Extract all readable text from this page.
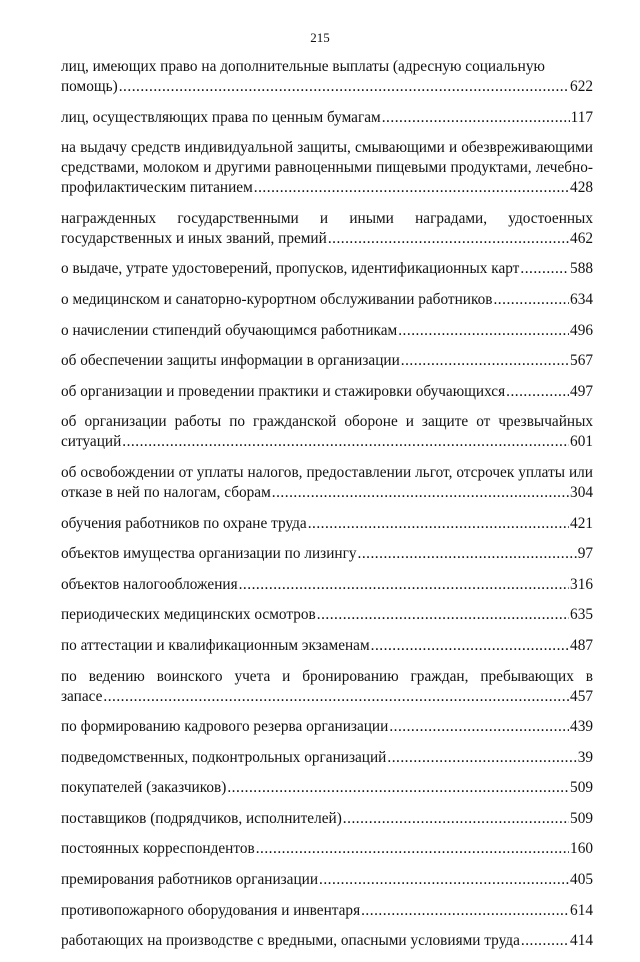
215
лиц, имеющих право на дополнительные выплаты (адресную социальную
помощь) .....	622
лиц, осуществляющих права по ценным бумагам .....	117
на выдачу средств индивидуальной защиты, смывающими и обезвреживающими средствами, молоком и другими равноценными пищевыми продуктами, лечебно-
профилактическим питанием .....	428
награжденных государственными и иными наградами, удостоенных
государственных и иных званий, премий .....	462
о выдаче, утрате удостоверений, пропусков, идентификационных карт .....	588
о медицинском и санаторно-курортном обслуживании работников .....	634
о начислении стипендий обучающимся работникам .....	496
об обеспечении защиты информации в организации .....	567
об организации и проведении практики и стажировки обучающихся .....	497
об организации работы по гражданской обороне и защите от чрезвычайных
ситуаций .....	601
об освобождении от уплаты налогов, предоставлении льгот, отсрочек уплаты или
отказе в ней по налогам, сборам .....	304
обучения работников по охране труда .....	421
объектов имущества организации по лизингу .....	97
объектов налогообложения .....	316
периодических медицинских осмотров .....	635
по аттестации и квалификационным экзаменам .....	487
по ведению воинского учета и бронированию граждан, пребывающих в
запасе .....	457
по формированию кадрового резерва организации .....	439
подведомственных, подконтрольных организаций .....	39
покупателей (заказчиков) .....	509
поставщиков (подрядчиков, исполнителей) .....	509
постоянных корреспондентов .....	160
премирования работников организации .....	405
противопожарного оборудования и инвентаря .....	614
работающих на производстве с вредными, опасными условиями труда .....	414
